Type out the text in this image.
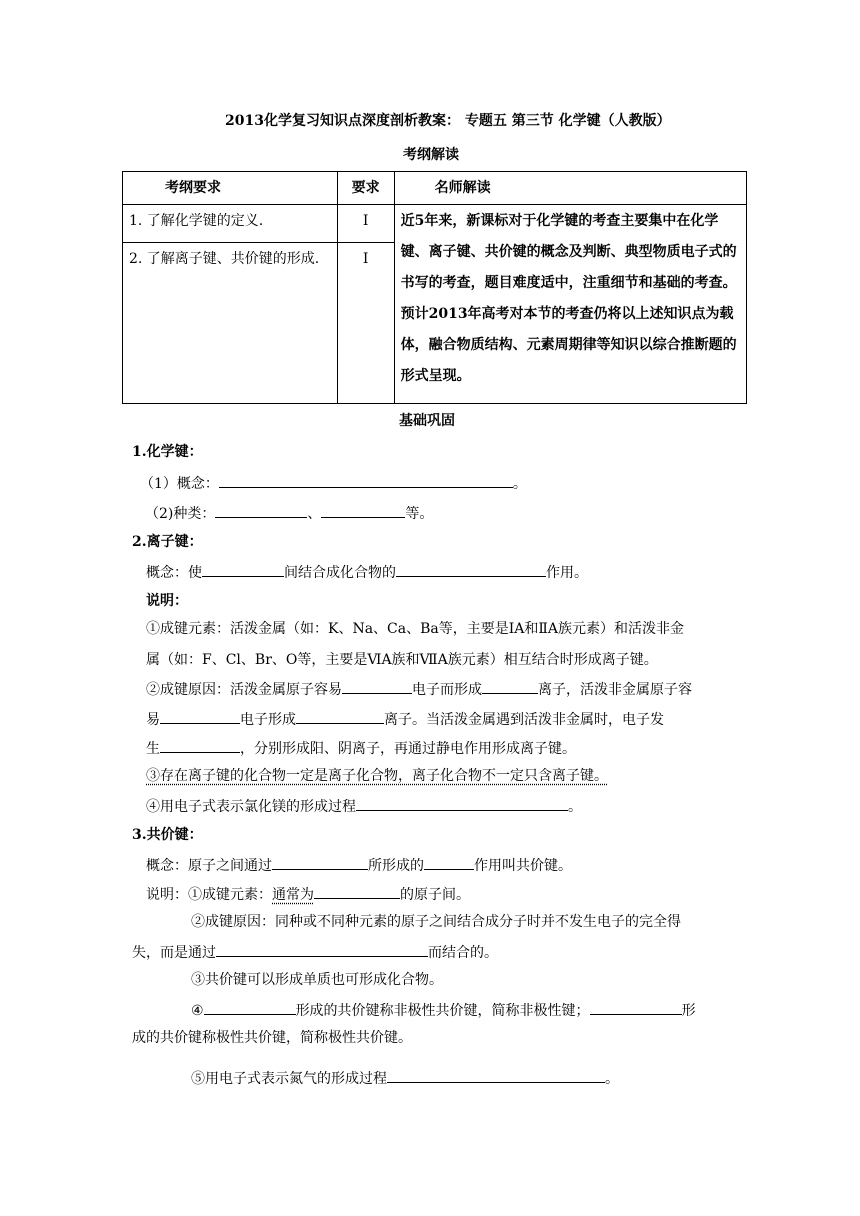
2013化学复习知识点深度剖析教案： 专题五 第三节 化学键（人教版）
考纲解读
考纲要求	要求	名师解读
1. 了解化学键的定义.	Ⅰ	近5年来，新课标对于化学键的考查主要集中在化学键、离子键、共价键的概念及判断、典型物质电子式的书写的考查，题目难度适中，注重细节和基础的考查。预计2013年高考对本节的考查仍将以上述知识点为载体，融合物质结构、元素周期律等知识以综合推断题的形式呈现。
2. 了解离子键、共价键的形成.	Ⅰ	
基础巩固
1.化学键：
（1）概念：	。
（2)种类：	、	等。
2.离子键：
概念：使	间结合成化合物的	作用。
说明：
①成键元素：活泼金属（如：K、Na、Ca、Ba等，主要是ⅠA和ⅡA族元素）和活泼非金
属（如：F、Cl、Br、O等，主要是ⅥA族和ⅦA族元素）相互结合时形成离子键。
②成键原因：活泼金属原子容易	电子而形成	离子，活泼非金属原子容
易	电子形成	离子。当活泼金属遇到活泼非金属时，电子发
生	，分别形成阳、阴离子，再通过静电作用形成离子键。
③存在离子键的化合物一定是离子化合物，离子化合物不一定只含离子键。
④用电子式表示氯化镁的形成过程	。
3.共价键：
概念：原子之间通过	所形成的	作用叫共价键。
说明：①成键元素：通常为	的原子间。
②成键原因：同种或不同种元素的原子之间结合成分子时并不发生电子的完全得
失，而是通过	而结合的。
③共价键可以形成单质也可形成化合物。
④	形成的共价键称非极性共价键，简称非极性键；	形
成的共价键称极性共价键，简称极性共价键。
⑤用电子式表示氮气的形成过程	。
